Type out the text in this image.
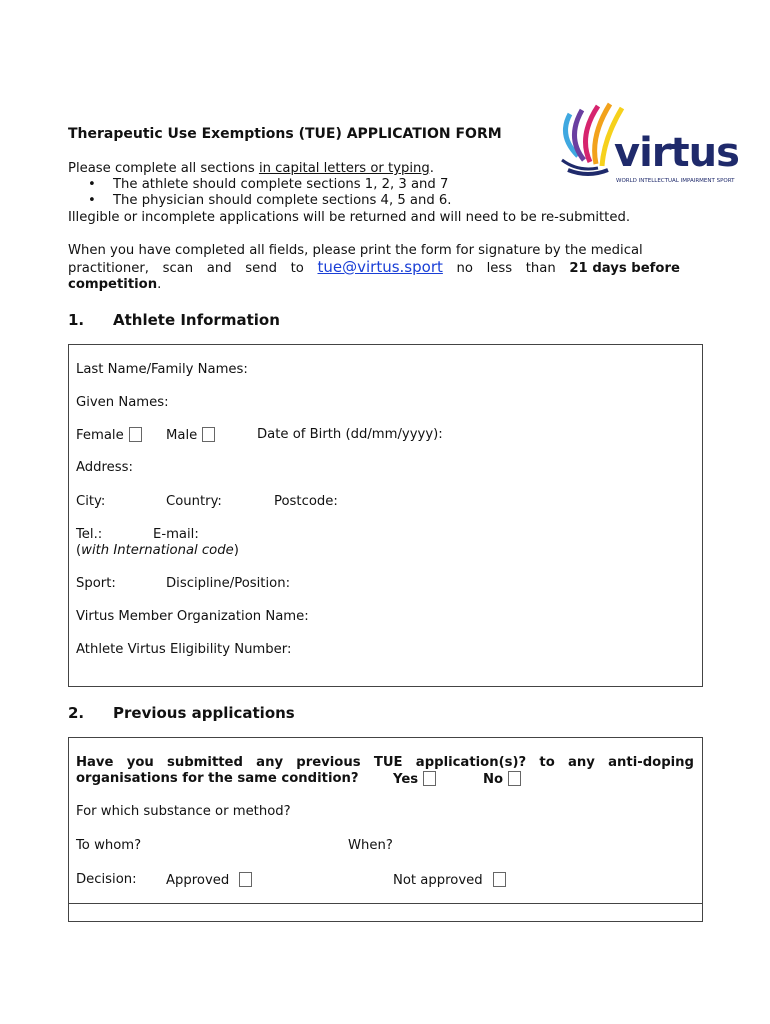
Therapeutic Use Exemptions (TUE) APPLICATION FORM	virtus
WORLD INTELLECTUAL IMPAIRMENT SPORT
Please complete all sections in capital letters or typing.
• The athlete should complete sections 1, 2, 3 and 7
• The physician should complete sections 4, 5 and 6.
Illegible or incomplete applications will be returned and will need to be re-submitted.
When you have completed all fields, please print the form for signature by the medical
practitioner, scan and send to tue@virtus.sport no less than 21 days before
competition.
1. Athlete Information
Last Name/Family Names:
Given Names:
Female	Male	Date of Birth (dd/mm/yyyy):
Address:
City:	Country:	Postcode:
Tel.:	E-mail:
(with International code)
Sport:	Discipline/Position:
Virtus Member Organization Name:
Athlete Virtus Eligibility Number:
2. Previous applications
Have you submitted any previous TUE application(s)? to any anti-doping
organisations for the same condition?	Yes	No
For which substance or method?
To whom?	When?
Decision: Approved	Not approved
